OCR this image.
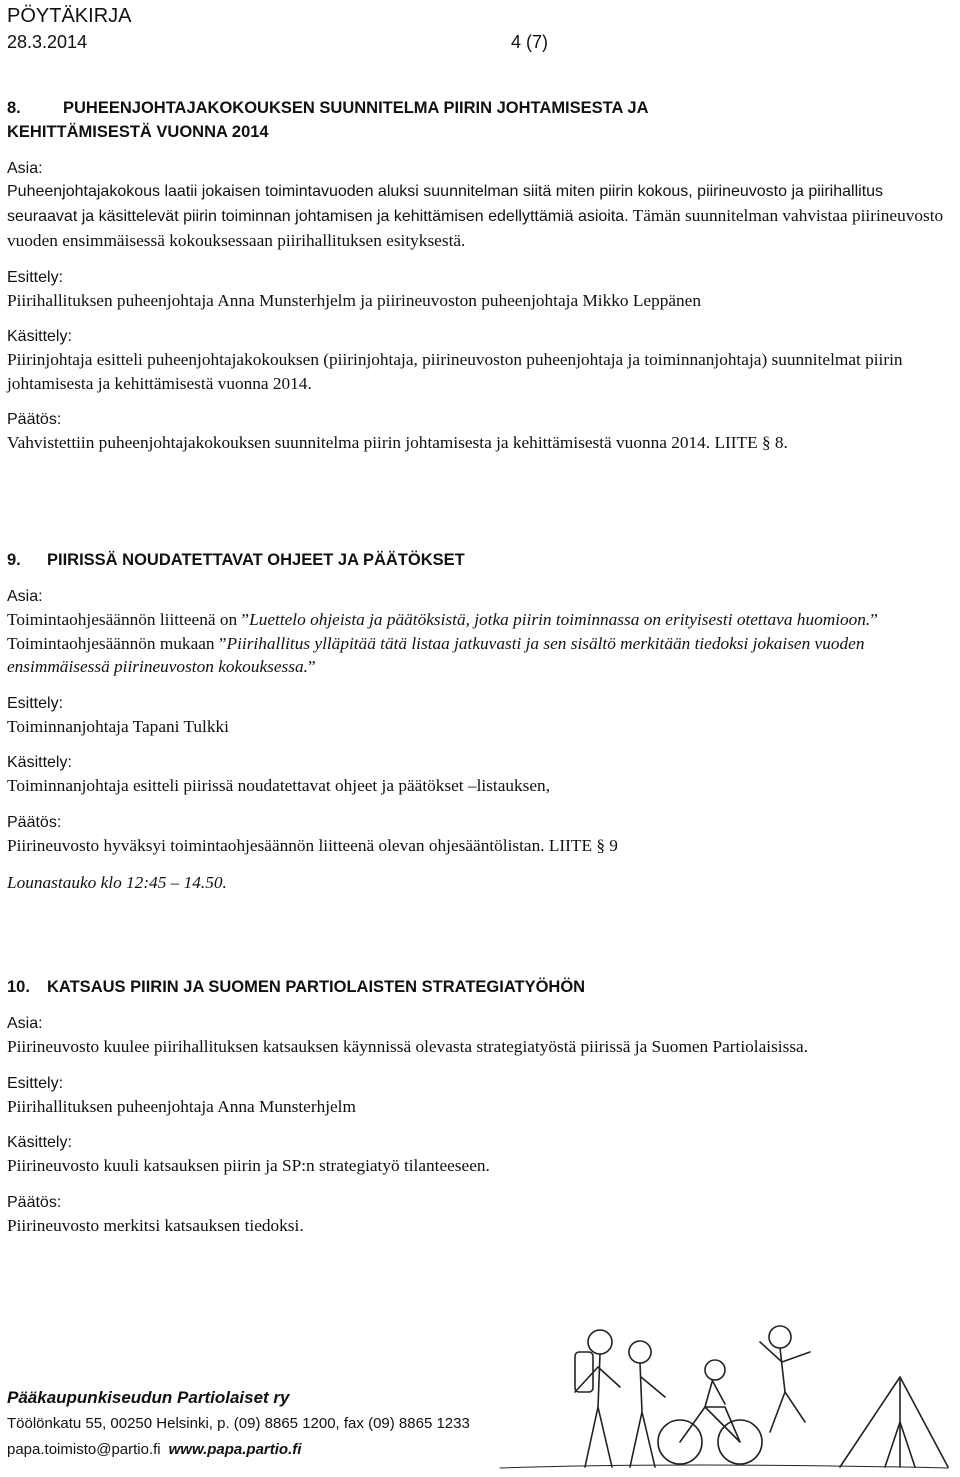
PÖYTÄKIRJA
28.3.2014	4 (7)
8.	PUHEENJOHTAJAKOKOUKSEN SUUNNITELMA PIIRIN JOHTAMISESTA JA
KEHITTÄMISESTÄ VUONNA 2014
Asia:
Puheenjohtajakokous laatii jokaisen toimintavuoden aluksi suunnitelman siitä miten piirin kokous, piirineuvosto ja piirihallitus seuraavat ja käsittelevät piirin toiminnan johtamisen ja kehittämisen edellyttämiä asioita. Tämän suunnitelman vahvistaa piirineuvosto vuoden ensimmäisessä kokouksessaan piirihallituksen esityksestä.
Esittely:
Piirihallituksen puheenjohtaja Anna Munsterhjelm ja piirineuvoston puheenjohtaja Mikko Leppänen
Käsittely:
Piirinjohtaja esitteli puheenjohtajakokouksen (piirinjohtaja, piirineuvoston puheenjohtaja ja toiminnanjohtaja) suunnitelmat piirin johtamisesta ja kehittämisestä vuonna 2014.
Päätös:
Vahvistettiin puheenjohtajakokouksen suunnitelma piirin johtamisesta ja kehittämisestä vuonna 2014. LIITE § 8.
9.	PIIRISSÄ NOUDATETTAVAT OHJEET JA PÄÄTÖKSET
Asia:
Toimintaohjesäännön liitteenä on ”Luettelo ohjeista ja päätöksistä, jotka piirin toiminnassa on erityisesti otettava huomioon.” Toimintaohjesäännön mukaan ”Piirihallitus ylläpitää tätä listaa jatkuvasti ja sen sisältö merkitään tiedoksi jokaisen vuoden ensimmäisessä piirineuvoston kokouksessa.”
Esittely:
Toiminnanjohtaja Tapani Tulkki
Käsittely:
Toiminnanjohtaja esitteli piirissä noudatettavat ohjeet ja päätökset –listauksen,
Päätös:
Piirineuvosto hyväksyi toimintaohjesäännön liitteenä olevan ohjesääntölistan. LIITE § 9
Lounastauko klo 12:45 – 14.50.
10.	KATSAUS PIIRIN JA SUOMEN PARTIOLAISTEN STRATEGIATYÖHÖN
Asia:
Piirineuvosto kuulee piirihallituksen katsauksen käynnissä olevasta strategiatyöstä piirissä ja Suomen Partiolaisissa.
Esittely:
Piirihallituksen puheenjohtaja Anna Munsterhjelm
Käsittely:
Piirineuvosto kuuli katsauksen piirin ja SP:n strategiatyö tilanteeseen.
Päätös:
Piirineuvosto merkitsi katsauksen tiedoksi.
Pääkaupunkiseudun Partiolaiset ry
Töölönkatu 55, 00250 Helsinki, p. (09) 8865 1200, fax (09) 8865 1233
papa.toimisto@partio.fi www.papa.partio.fi
